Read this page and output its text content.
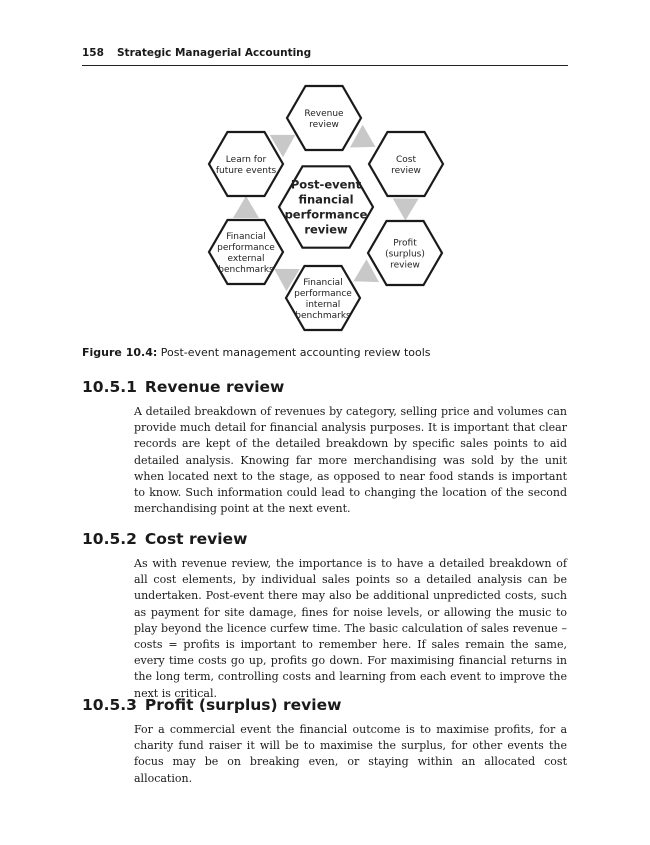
158 Strategic Managerial Accounting
Post-event
financial
performance
review
Revenue
review
Cost
review
Profit
(surplus)
review
Financial
performance
internal
benchmarks
Financial
performance
external
benchmarks
Learn for
future events
Figure 10.4: Post-event management accounting review tools
10.5.1 Revenue review

A detailed breakdown of revenues by category, selling price and volumes can provide much detail for financial analysis purposes. It is important that clear records are kept of the detailed breakdown by specific sales points to aid detailed analysis. Knowing far more merchandising was sold by the unit when located next to the stage, as opposed to near food stands is important to know. Such information could lead to changing the location of the second merchandising point at the next event.

10.5.2 Cost review

As with revenue review, the importance is to have a detailed breakdown of all cost elements, by individual sales points so a detailed analysis can be undertaken. Post-event there may also be additional unpredicted costs, such as payment for site damage, fines for noise levels, or allowing the music to play beyond the licence curfew time. The basic calculation of sales revenue – costs = profits is important to remember here. If sales remain the same, every time costs go up, profits go down. For maximising financial returns in the long term, controlling costs and learning from each event to improve the next is critical.

10.5.3 Profit (surplus) review

For a commercial event the financial outcome is to maximise profits, for a charity fund raiser it will be to maximise the surplus, for other events the focus may be on breaking even, or staying within an allocated cost allocation.
